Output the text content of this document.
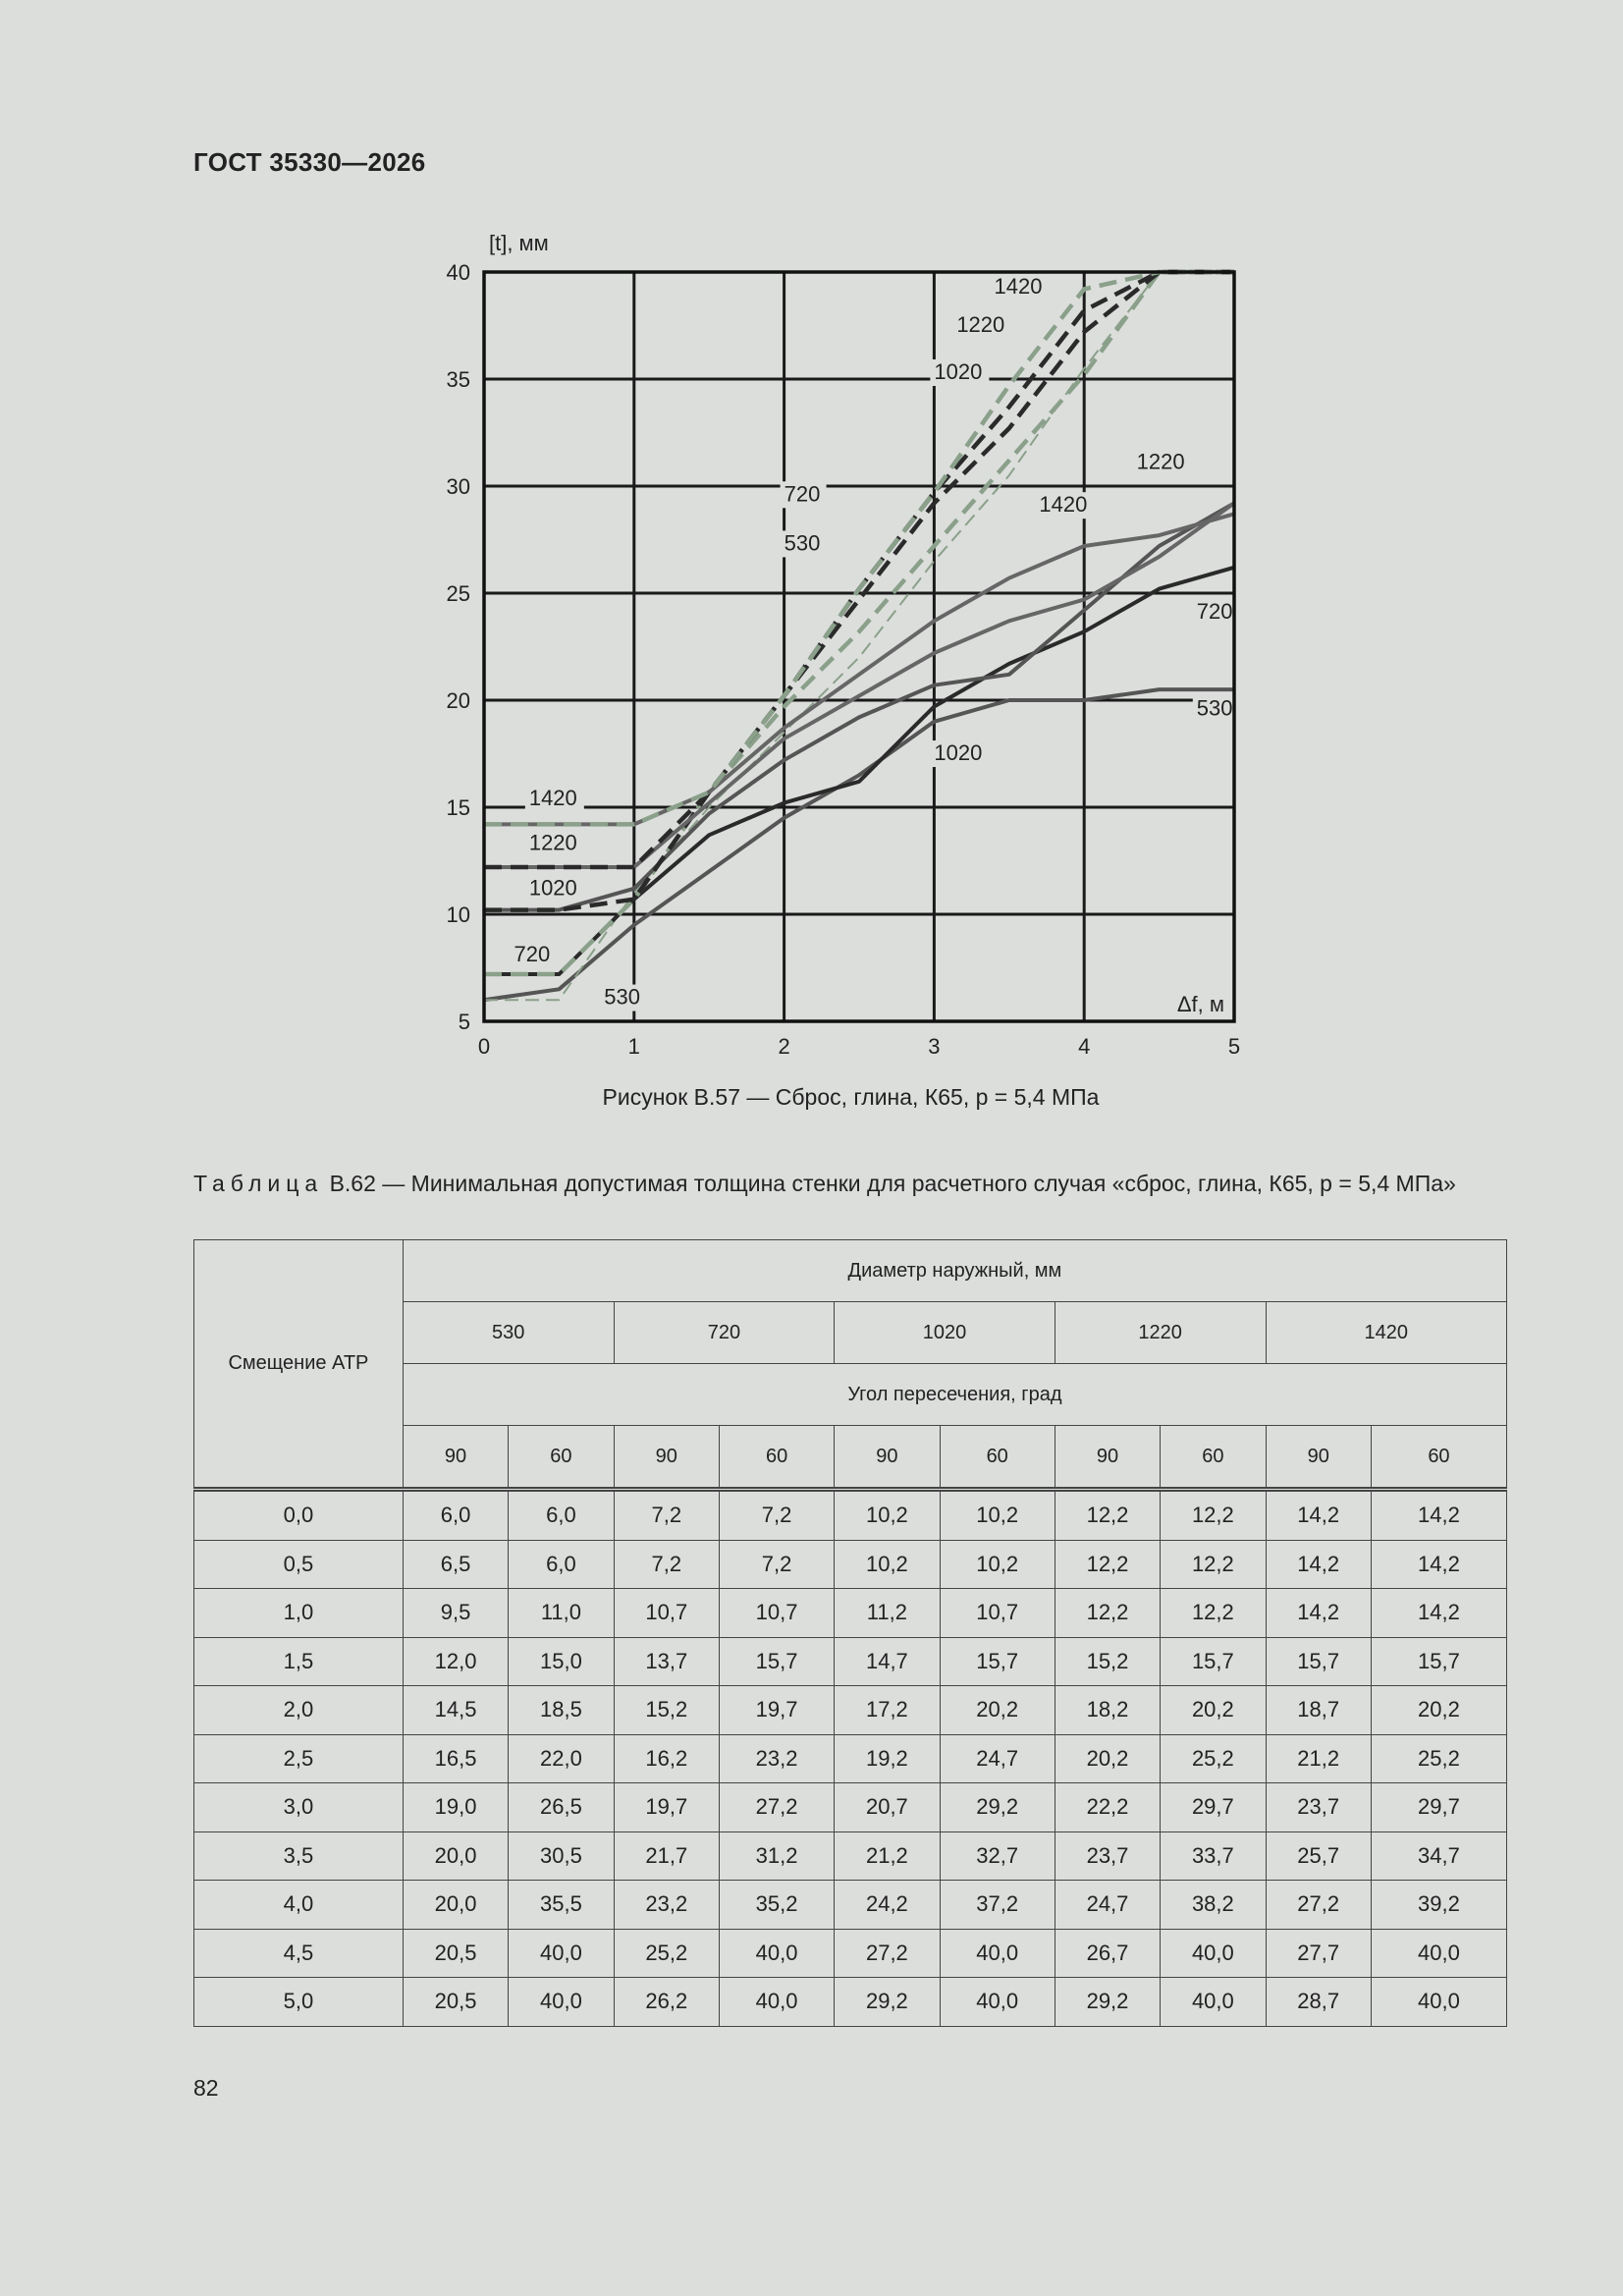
ГОСТ 35330—2026
0	1	2	3	4	5
5
10
15
20
25
30
35
40
[t], мм
Δf, м
1420
1220
1020
720
530
1420
1220
1020
720
530
1420
1220
720
530
1020
Рисунок В.57 — Сброс, глина, К65, p = 5,4 МПа
Таблица В.62 — Минимальная допустимая толщина стенки для расчетного случая «сброс, глина, К65, p = 5,4 МПа»
Смещение АТР	Диаметр наружный, мм									
	530		720		1020		1220		1420	
	Угол пересечения, град									
	90	60	90	60	90	60	90	60	90	60
0,0	6,0	6,0	7,2	7,2	10,2	10,2	12,2	12,2	14,2	14,2
0,5	6,5	6,0	7,2	7,2	10,2	10,2	12,2	12,2	14,2	14,2
1,0	9,5	11,0	10,7	10,7	11,2	10,7	12,2	12,2	14,2	14,2
1,5	12,0	15,0	13,7	15,7	14,7	15,7	15,2	15,7	15,7	15,7
2,0	14,5	18,5	15,2	19,7	17,2	20,2	18,2	20,2	18,7	20,2
2,5	16,5	22,0	16,2	23,2	19,2	24,7	20,2	25,2	21,2	25,2
3,0	19,0	26,5	19,7	27,2	20,7	29,2	22,2	29,7	23,7	29,7
3,5	20,0	30,5	21,7	31,2	21,2	32,7	23,7	33,7	25,7	34,7
4,0	20,0	35,5	23,2	35,2	24,2	37,2	24,7	38,2	27,2	39,2
4,5	20,5	40,0	25,2	40,0	27,2	40,0	26,7	40,0	27,7	40,0
5,0	20,5	40,0	26,2	40,0	29,2	40,0	29,2	40,0	28,7	40,0
82
